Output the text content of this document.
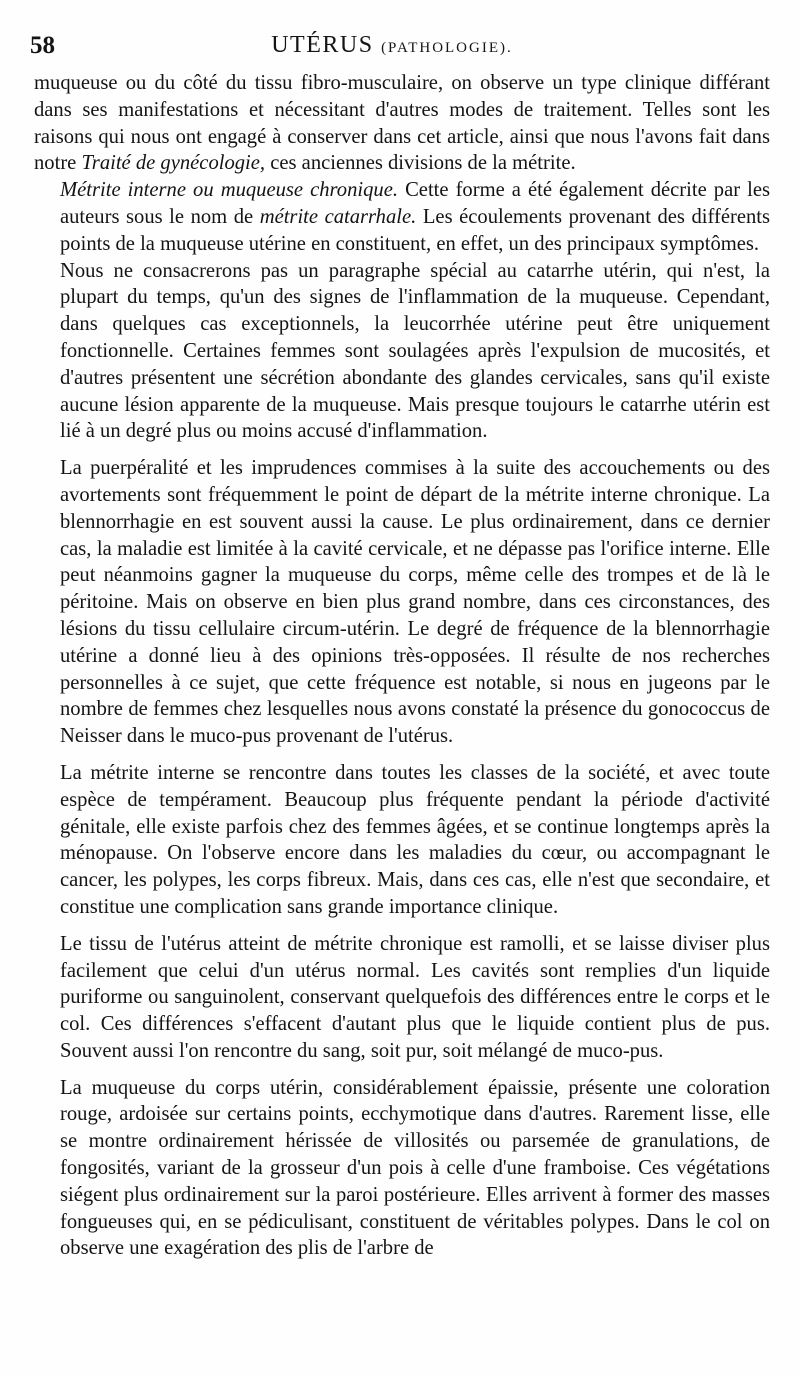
58	UTÉRUS (PATHOLOGIE).

muqueuse ou du côté du tissu fibro-musculaire, on observe un type clinique différant dans ses manifestations et nécessitant d'autres modes de traitement. Telles sont les raisons qui nous ont engagé à conserver dans cet article, ainsi que nous l'avons fait dans notre Traité de gynécologie, ces anciennes divisions de la métrite.

Métrite interne ou muqueuse chronique. Cette forme a été également décrite par les auteurs sous le nom de métrite catarrhale. Les écoulements provenant des différents points de la muqueuse utérine en constituent, en effet, un des principaux symptômes.

Nous ne consacrerons pas un paragraphe spécial au catarrhe utérin, qui n'est, la plupart du temps, qu'un des signes de l'inflammation de la muqueuse. Cependant, dans quelques cas exceptionnels, la leucorrhée utérine peut être uniquement fonctionnelle. Certaines femmes sont soulagées après l'expulsion de mucosités, et d'autres présentent une sécrétion abondante des glandes cervicales, sans qu'il existe aucune lésion apparente de la muqueuse. Mais presque toujours le catarrhe utérin est lié à un degré plus ou moins accusé d'inflammation.

La puerpéralité et les imprudences commises à la suite des accouchements ou des avortements sont fréquemment le point de départ de la métrite interne chronique. La blennorrhagie en est souvent aussi la cause. Le plus ordinairement, dans ce dernier cas, la maladie est limitée à la cavité cervicale, et ne dépasse pas l'orifice interne. Elle peut néanmoins gagner la muqueuse du corps, même celle des trompes et de là le péritoine. Mais on observe en bien plus grand nombre, dans ces circonstances, des lésions du tissu cellulaire circum-utérin. Le degré de fréquence de la blennorrhagie utérine a donné lieu à des opinions très-opposées. Il résulte de nos recherches personnelles à ce sujet, que cette fréquence est notable, si nous en jugeons par le nombre de femmes chez lesquelles nous avons constaté la présence du gonococcus de Neisser dans le muco-pus provenant de l'utérus.

La métrite interne se rencontre dans toutes les classes de la société, et avec toute espèce de tempérament. Beaucoup plus fréquente pendant la période d'activité génitale, elle existe parfois chez des femmes âgées, et se continue longtemps après la ménopause. On l'observe encore dans les maladies du cœur, ou accompagnant le cancer, les polypes, les corps fibreux. Mais, dans ces cas, elle n'est que secondaire, et constitue une complication sans grande importance clinique.

Le tissu de l'utérus atteint de métrite chronique est ramolli, et se laisse diviser plus facilement que celui d'un utérus normal. Les cavités sont remplies d'un liquide puriforme ou sanguinolent, conservant quelquefois des différences entre le corps et le col. Ces différences s'effacent d'autant plus que le liquide contient plus de pus. Souvent aussi l'on rencontre du sang, soit pur, soit mélangé de muco-pus.

La muqueuse du corps utérin, considérablement épaissie, présente une coloration rouge, ardoisée sur certains points, ecchymotique dans d'autres. Rarement lisse, elle se montre ordinairement hérissée de villosités ou parsemée de granulations, de fongosités, variant de la grosseur d'un pois à celle d'une framboise. Ces végétations siégent plus ordinairement sur la paroi postérieure. Elles arrivent à former des masses fongueuses qui, en se pédiculisant, constituent de véritables polypes. Dans le col on observe une exagération des plis de l'arbre de
